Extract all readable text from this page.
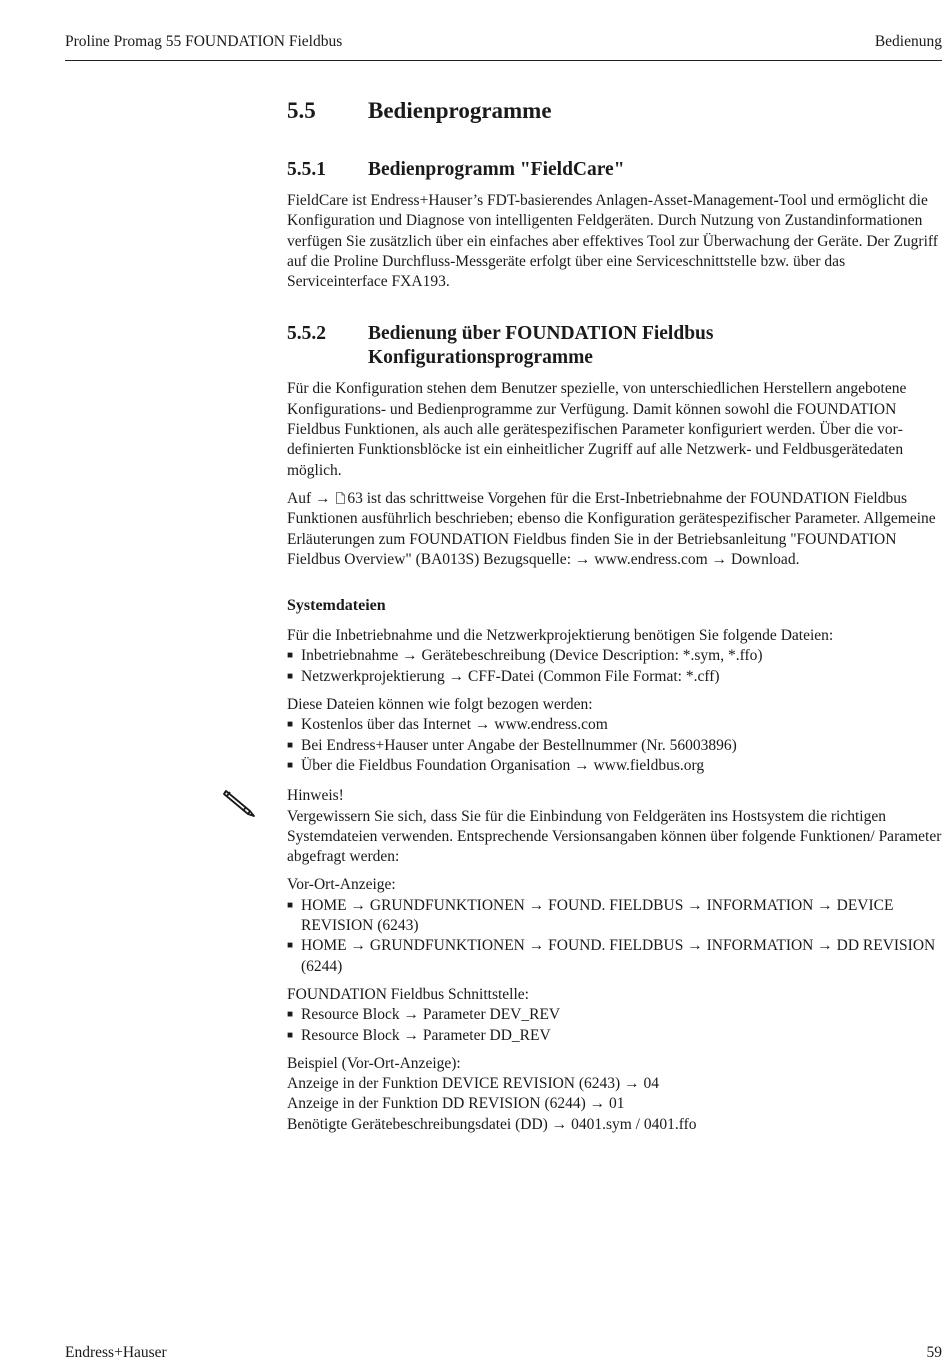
Proline Promag 55 FOUNDATION Fieldbus	Bedienung
5.5	Bedienprogramme
5.5.1	Bedienprogramm "FieldCare"

FieldCare ist Endress+Hauser’s FDT-basierendes Anlagen-Asset-Management-Tool und ermöglicht die Konfiguration und Diagnose von intelligenten Feldgeräten. Durch Nutzung von Zustandinformationen verfügen Sie zusätzlich über ein einfaches aber effektives Tool zur Überwachung der Geräte. Der Zugriff auf die Proline Durchfluss-Messgeräte erfolgt über eine Serviceschnittstelle bzw. über das Serviceinterface FXA193.

5.5.2	Bedienung über FOUNDATION Fieldbus
Konfigurationsprogramme

Für die Konfiguration stehen dem Benutzer spezielle, von unterschiedlichen Herstellern angebotene Konfigurations- und Bedienprogramme zur Verfügung. Damit können sowohl die FOUNDATION Fieldbus Funktionen, als auch alle gerätespezifischen Parameter konfiguriert werden. Über die vordefinierten Funktionsblöcke ist ein einheitlicher Zugriff auf alle Netzwerk- und Feldbusgerätedaten möglich.

Auf → 63 ist das schrittweise Vorgehen für die Erst-Inbetriebnahme der FOUNDATION Fieldbus Funktionen ausführlich beschrieben; ebenso die Konfiguration gerätespezifischer Parameter. Allgemeine Erläuterungen zum FOUNDATION Fieldbus finden Sie in der Betriebsanleitung "FOUNDATION Fieldbus Overview" (BA013S) Bezugsquelle: → www.endress.com → Download.

Systemdateien
Für die Inbetriebnahme und die Netzwerkprojektierung benötigen Sie folgende Dateien:
■ Inbetriebnahme → Gerätebeschreibung (Device Description: *.sym, *.ffo)
■ Netzwerkprojektierung → CFF-Datei (Common File Format: *.cff)
Diese Dateien können wie folgt bezogen werden:
■ Kostenlos über das Internet → www.endress.com
■ Bei Endress+Hauser unter Angabe der Bestellnummer (Nr. 56003896)
■ Über die Fieldbus Foundation Organisation → www.fieldbus.org
Hinweis!
Vergewissern Sie sich, dass Sie für die Einbindung von Feldgeräten ins Hostsystem die richtigen Systemdateien verwenden. Entsprechende Versionsangaben können über folgende Funktionen/ Parameter abgefragt werden:
Vor-Ort-Anzeige:
■ HOME → GRUNDFUNKTIONEN → FOUND. FIELDBUS → INFORMATION → DEVICE REVISION (6243)
■ HOME → GRUNDFUNKTIONEN → FOUND. FIELDBUS → INFORMATION → DD REVISION (6244)
FOUNDATION Fieldbus Schnittstelle:
■ Resource Block → Parameter DEV_REV
■ Resource Block → Parameter DD_REV
Beispiel (Vor-Ort-Anzeige):
Anzeige in der Funktion DEVICE REVISION (6243) → 04
Anzeige in der Funktion DD REVISION (6244) → 01
Benötigte Gerätebeschreibungsdatei (DD) → 0401.sym / 0401.ffo
Endress+Hauser	59
